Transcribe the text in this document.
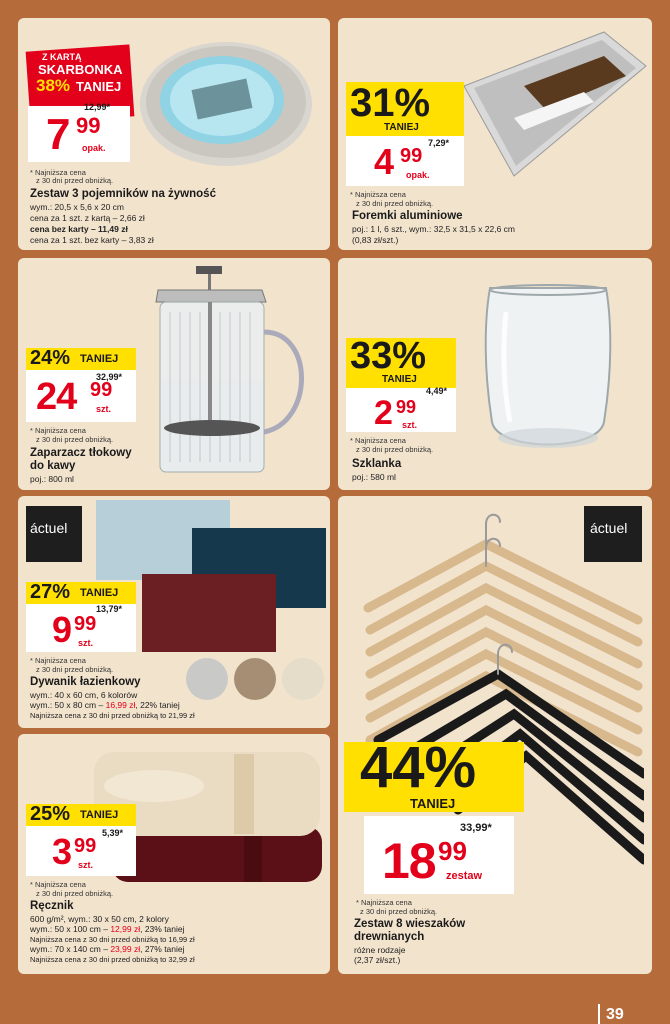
Z KARTĄ
SKARBONKA
38% TANIEJ
12,99*
7 99
opak.
* Najniższa cena
z 30 dni przed obniżką.
Zestaw 3 pojemników na żywność
wym.: 20,5 x 5,6 x 20 cm
cena za 1 szt. z kartą – 2,66 zł
cena bez karty – 11,49 zł
cena za 1 szt. bez karty – 3,83 zł
31%
TANIEJ
7,29*
4 99
opak.
* Najniższa cena
z 30 dni przed obniżką.
Foremki aluminiowe
poj.: 1 l, 6 szt., wym.: 32,5 x 31,5 x 22,6 cm
(0,83 zł/szt.)
24% TANIEJ
32,99*
24 99
szt.
* Najniższa cena
z 30 dni przed obniżką.
Zaparzacz tłokowy
do kawy
poj.: 800 ml
33%
TANIEJ
4,49*
2 99
szt.
* Najniższa cena
z 30 dni przed obniżką.
Szklanka
poj.: 580 ml
áctuel
27% TANIEJ
13,79*
9 99
szt.
* Najniższa cena
z 30 dni przed obniżką.
Dywanik łazienkowy
wym.: 40 x 60 cm, 6 kolorów
wym.: 50 x 80 cm – 16,99 zł, 22% taniej
Najniższa cena z 30 dni przed obniżką to 21,99 zł
25% TANIEJ
5,39*
3 99
szt.
* Najniższa cena
z 30 dni przed obniżką.
Ręcznik
600 g/m², wym.: 30 x 50 cm, 2 kolory
wym.: 50 x 100 cm – 12,99 zł, 23% taniej
Najniższa cena z 30 dni przed obniżką to 16,99 zł
wym.: 70 x 140 cm – 23,99 zł, 27% taniej
Najniższa cena z 30 dni przed obniżką to 32,99 zł
áctuel
44%
TANIEJ
33,99*
18 99
zestaw
* Najniższa cena
z 30 dni przed obniżką.
Zestaw 8 wieszaków
drewnianych
różne rodzaje
(2,37 zł/szt.)
39
